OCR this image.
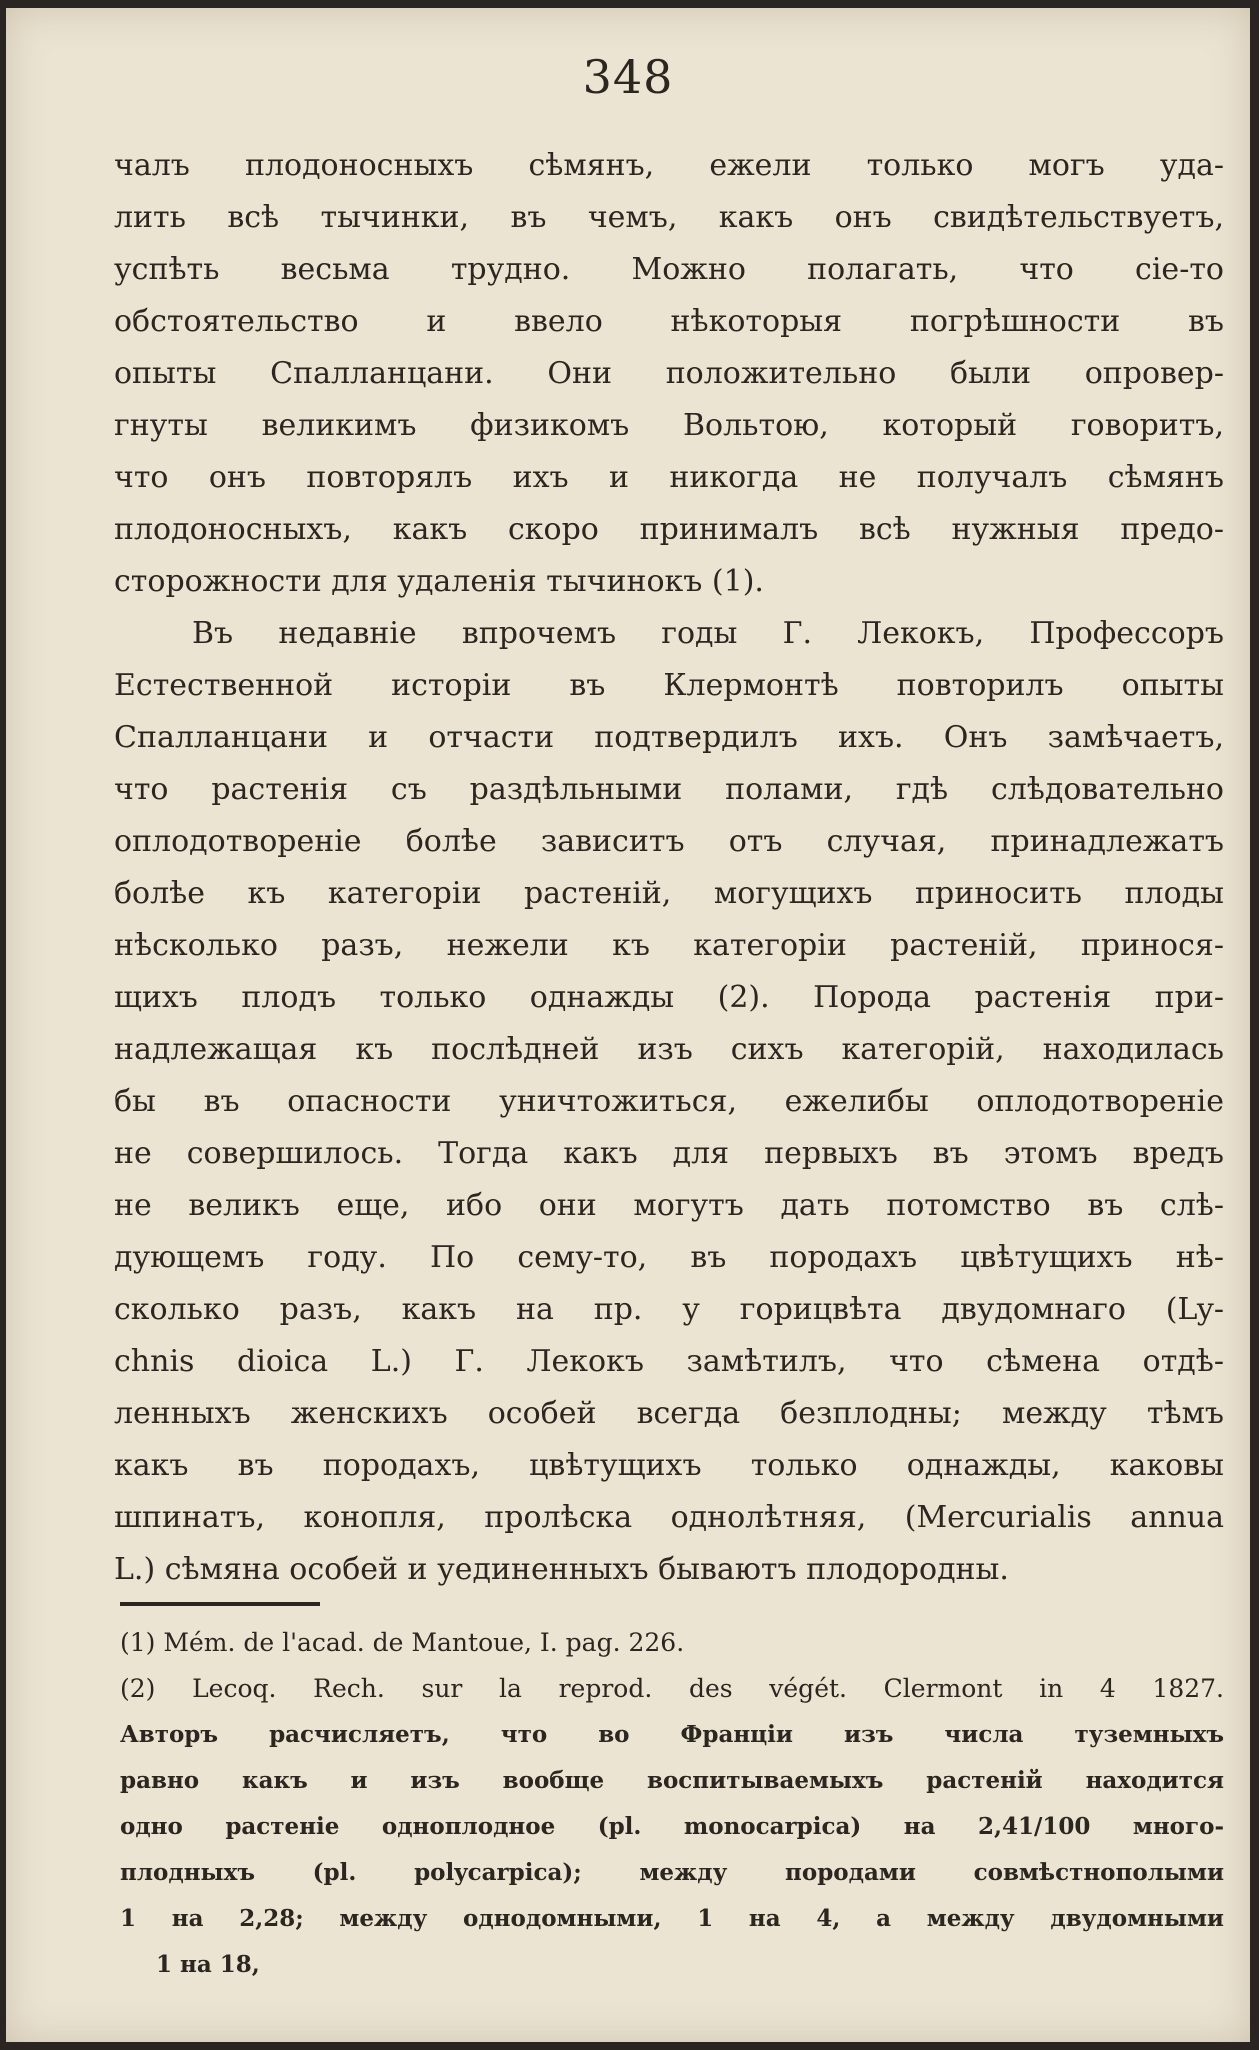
348
чалъ плодоносныхъ сѣмянъ, ежели только могъ уда-
лить всѣ тычинки, въ чемъ, какъ онъ свидѣтельствуетъ,
успѣть весьма трудно. Можно полагать, что сіе-то
обстоятельство и ввело нѣкоторыя погрѣшности въ
опыты Спалланцани. Они положительно были опровер-
гнуты великимъ физикомъ Вольтою, который говоритъ,
что онъ повторялъ ихъ и никогда не получалъ сѣмянъ
плодоносныхъ, какъ скоро принималъ всѣ нужныя предо-
сторожности для удаленія тычинокъ (1).
Въ недавніе впрочемъ годы Г. Лекокъ, Профессоръ
Естественной исторіи въ Клермонтѣ повторилъ опыты
Спалланцани и отчасти подтвердилъ ихъ. Онъ замѣчаетъ,
что растенія съ раздѣльными полами, гдѣ слѣдовательно
оплодотвореніе болѣе зависитъ отъ случая, принадлежатъ
болѣе къ категоріи растеній, могущихъ приносить плоды
нѣсколько разъ, нежели къ категоріи растеній, принося-
щихъ плодъ только однажды (2). Порода растенія при-
надлежащая къ послѣдней изъ сихъ категорій, находилась
бы въ опасности уничтожиться, ежелибы оплодотвореніе
не совершилось. Тогда какъ для первыхъ въ этомъ вредъ
не великъ еще, ибо они могутъ дать потомство въ слѣ-
дующемъ году. По сему-то, въ породахъ цвѣтущихъ нѣ-
сколько разъ, какъ на пр. у горицвѣта двудомнаго (Ly-
chnis dioica L.) Г. Лекокъ замѣтилъ, что сѣмена отдѣ-
ленныхъ женскихъ особей всегда безплодны; между тѣмъ
какъ въ породахъ, цвѣтущихъ только однажды, каковы
шпинатъ, конопля, пролѣска однолѣтняя, (Mercurialis annua
L.) сѣмяна особей и уединенныхъ бываютъ плодородны.
(1) Mém. de l'acad. de Mantoue, I. pag. 226.
(2) Lecoq. Rech. sur la reprod. des végét. Clermont in 4 1827.
Авторъ расчисляетъ, что во Франціи изъ числа туземныхъ
равно какъ и изъ вообще воспитываемыхъ растеній находится
одно растеніе одноплодное (pl. monocarpica) на 2,41/100 много-
плодныхъ (pl. polycarpica); между породами совмѣстнополыми
1 на 2,28; между однодомными, 1 на 4, а между двудомными
1 на 18,
